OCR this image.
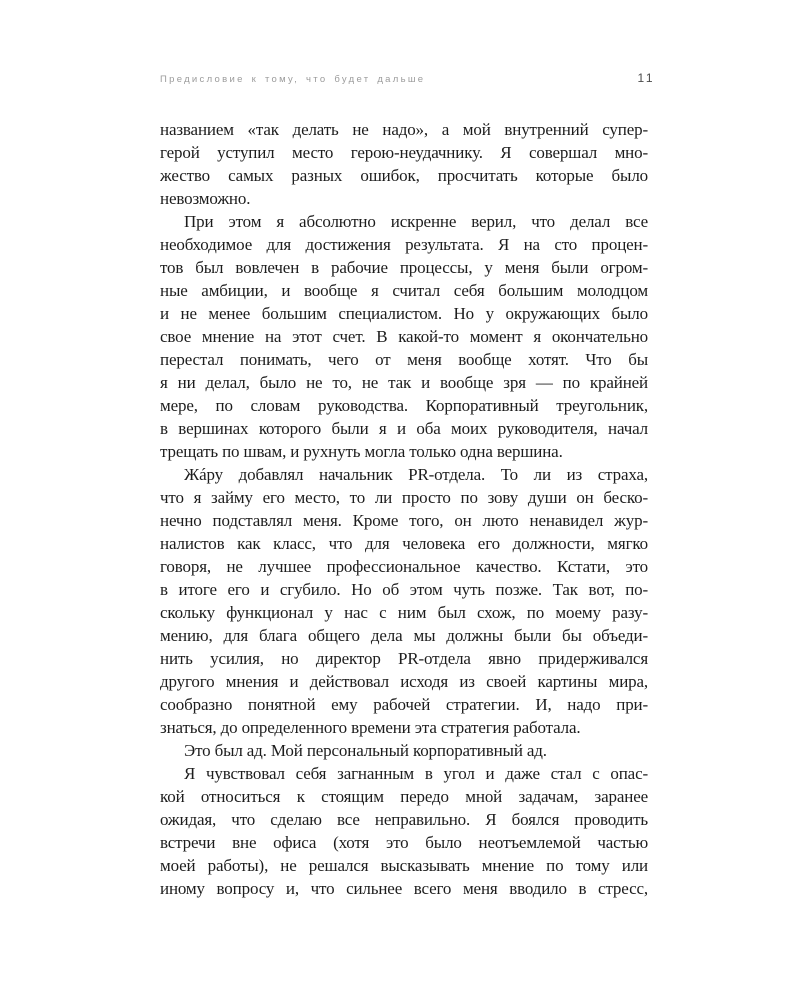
Предисловие к тому, что будет дальше	11
названием «так делать не надо», а мой внутренний супер-
герой уступил место герою-неудачнику. Я совершал мно-
жество самых разных ошибок, просчитать которые было
невозможно.
При этом я абсолютно искренне верил, что делал все
необходимое для достижения результата. Я на сто процен-
тов был вовлечен в рабочие процессы, у меня были огром-
ные амбиции, и вообще я считал себя большим молодцом
и не менее большим специалистом. Но у окружающих было
свое мнение на этот счет. В какой-то момент я окончательно
перестал понимать, чего от меня вообще хотят. Что бы
я ни делал, было не то, не так и вообще зря — по крайней
мере, по словам руководства. Корпоративный треугольник,
в вершинах которого были я и оба моих руководителя, начал
трещать по швам, и рухнуть могла только одна вершина.
Жáру добавлял начальник PR-отдела. То ли из страха,
что я займу его место, то ли просто по зову души он беско-
нечно подставлял меня. Кроме того, он люто ненавидел жур-
налистов как класс, что для человека его должности, мягко
говоря, не лучшее профессиональное качество. Кстати, это
в итоге его и сгубило. Но об этом чуть позже. Так вот, по-
скольку функционал у нас с ним был схож, по моему разу-
мению, для блага общего дела мы должны были бы объеди-
нить усилия, но директор PR-отдела явно придерживался
другого мнения и действовал исходя из своей картины мира,
сообразно понятной ему рабочей стратегии. И, надо при-
знаться, до определенного времени эта стратегия работала.
Это был ад. Мой персональный корпоративный ад.
Я чувствовал себя загнанным в угол и даже стал с опас-
кой относиться к стоящим передо мной задачам, заранее
ожидая, что сделаю все неправильно. Я боялся проводить
встречи вне офиса (хотя это было неотъемлемой частью
моей работы), не решался высказывать мнение по тому или
иному вопросу и, что сильнее всего меня вводило в стресс,
